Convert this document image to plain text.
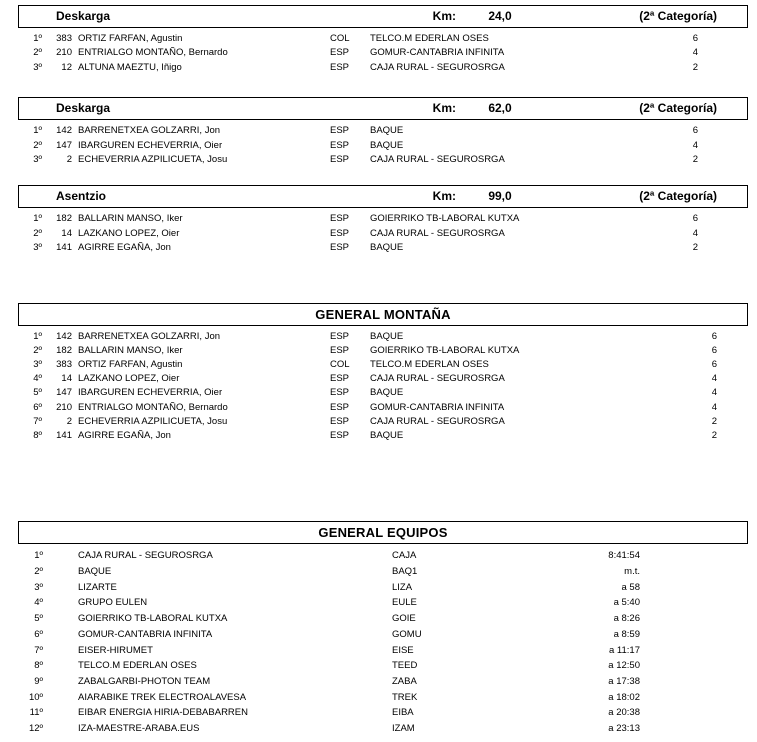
Deskarga	Km:	24,0	(2ª Categoría)
1º	383 ORTIZ FARFAN, Agustin	COL	TELCO.M EDERLAN OSES	6
2º	210 ENTRIALGO MONTAÑO, Bernardo	ESP	GOMUR-CANTABRIA INFINITA	4
3º	12 ALTUNA MAEZTU, Iñigo	ESP	CAJA RURAL - SEGUROSRGA	2
Deskarga	Km:	62,0	(2ª Categoría)
1º	142 BARRENETXEA GOLZARRI, Jon	ESP	BAQUE	6
2º	147 IBARGUREN ECHEVERRIA, Oier	ESP	BAQUE	4
3º	2 ECHEVERRIA AZPILICUETA, Josu	ESP	CAJA RURAL - SEGUROSRGA	2
Asentzio	Km:	99,0	(2ª Categoría)
1º	182 BALLARIN MANSO, Iker	ESP	GOIERRIKO TB-LABORAL KUTXA	6
2º	14 LAZKANO LOPEZ, Oier	ESP	CAJA RURAL - SEGUROSRGA	4
3º	141 AGIRRE EGAÑA, Jon	ESP	BAQUE	2
GENERAL MONTAÑA
1º	142 BARRENETXEA GOLZARRI, Jon	ESP	BAQUE	6
2º	182 BALLARIN MANSO, Iker	ESP	GOIERRIKO TB-LABORAL KUTXA	6
3º	383 ORTIZ FARFAN, Agustin	COL	TELCO.M EDERLAN OSES	6
4º	14 LAZKANO LOPEZ, Oier	ESP	CAJA RURAL - SEGUROSRGA	4
5º	147 IBARGUREN ECHEVERRIA, Oier	ESP	BAQUE	4
6º	210 ENTRIALGO MONTAÑO, Bernardo	ESP	GOMUR-CANTABRIA INFINITA	4
7º	2 ECHEVERRIA AZPILICUETA, Josu	ESP	CAJA RURAL - SEGUROSRGA	2
8º	141 AGIRRE EGAÑA, Jon	ESP	BAQUE	2
GENERAL EQUIPOS
1º	CAJA RURAL - SEGUROSRGA	CAJA	8:41:54
2º	BAQUE	BAQ1	m.t.
3º	LIZARTE	LIZA	a 58
4º	GRUPO EULEN	EULE	a 5:40
5º	GOIERRIKO TB-LABORAL KUTXA	GOIE	a 8:26
6º	GOMUR-CANTABRIA INFINITA	GOMU	a 8:59
7º	EISER-HIRUMET	EISE	a 11:17
8º	TELCO.M EDERLAN OSES	TEED	a 12:50
9º	ZABALGARBI-PHOTON TEAM	ZABA	a 17:38
10º	AIARABIKE TREK ELECTROALAVESA	TREK	a 18:02
11º	EIBAR ENERGIA HIRIA-DEBABARREN	EIBA	a 20:38
12º	IZA-MAESTRE-ARABA.EUS	IZAM	a 23:13
